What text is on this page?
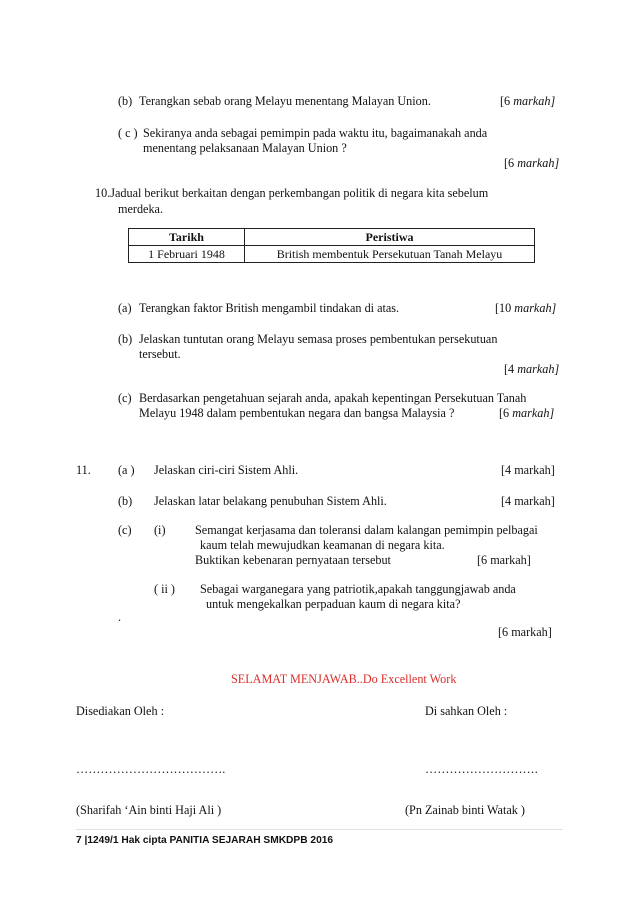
(b) Terangkan sebab orang Melayu menentang Malayan Union.	[6 markah]
( c ) Sekiranya anda sebagai pemimpin pada waktu itu, bagaimanakah anda
menentang pelaksanaan Malayan Union ?
[6 markah]
10.Jadual berikut berkaitan dengan perkembangan politik di negara kita sebelum
merdeka.
Tarikh	Peristiwa
1 Februari 1948	British membentuk Persekutuan Tanah Melayu
(a) Terangkan faktor British mengambil tindakan di atas.	[10 markah]
(b) Jelaskan tuntutan orang Melayu semasa proses pembentukan persekutuan
tersebut.
[4 markah]
(c) Berdasarkan pengetahuan sejarah anda, apakah kepentingan Persekutuan Tanah
Melayu 1948 dalam pembentukan negara dan bangsa Malaysia ?	[6 markah]
11. (a ) Jelaskan ciri-ciri Sistem Ahli.	[4 markah]
(b) Jelaskan latar belakang penubuhan Sistem Ahli.	[4 markah]
(c) (i) Semangat kerjasama dan toleransi dalam kalangan pemimpin pelbagai
kaum telah mewujudkan keamanan di negara kita.
Buktikan kebenaran pernyataan tersebut	[6 markah]
( ii ) Sebagai warganegara yang patriotik,apakah tanggungjawab anda
untuk mengekalkan perpaduan kaum di negara kita?
.
[6 markah]
SELAMAT MENJAWAB..Do Excellent Work
Disediakan Oleh :	Di sahkan Oleh :
……………………………….	……………………….
(Sharifah ‘Ain binti Haji Ali )	(Pn Zainab binti Watak )
7 |1249/1 Hak cipta PANITIA SEJARAH SMKDPB 2016
